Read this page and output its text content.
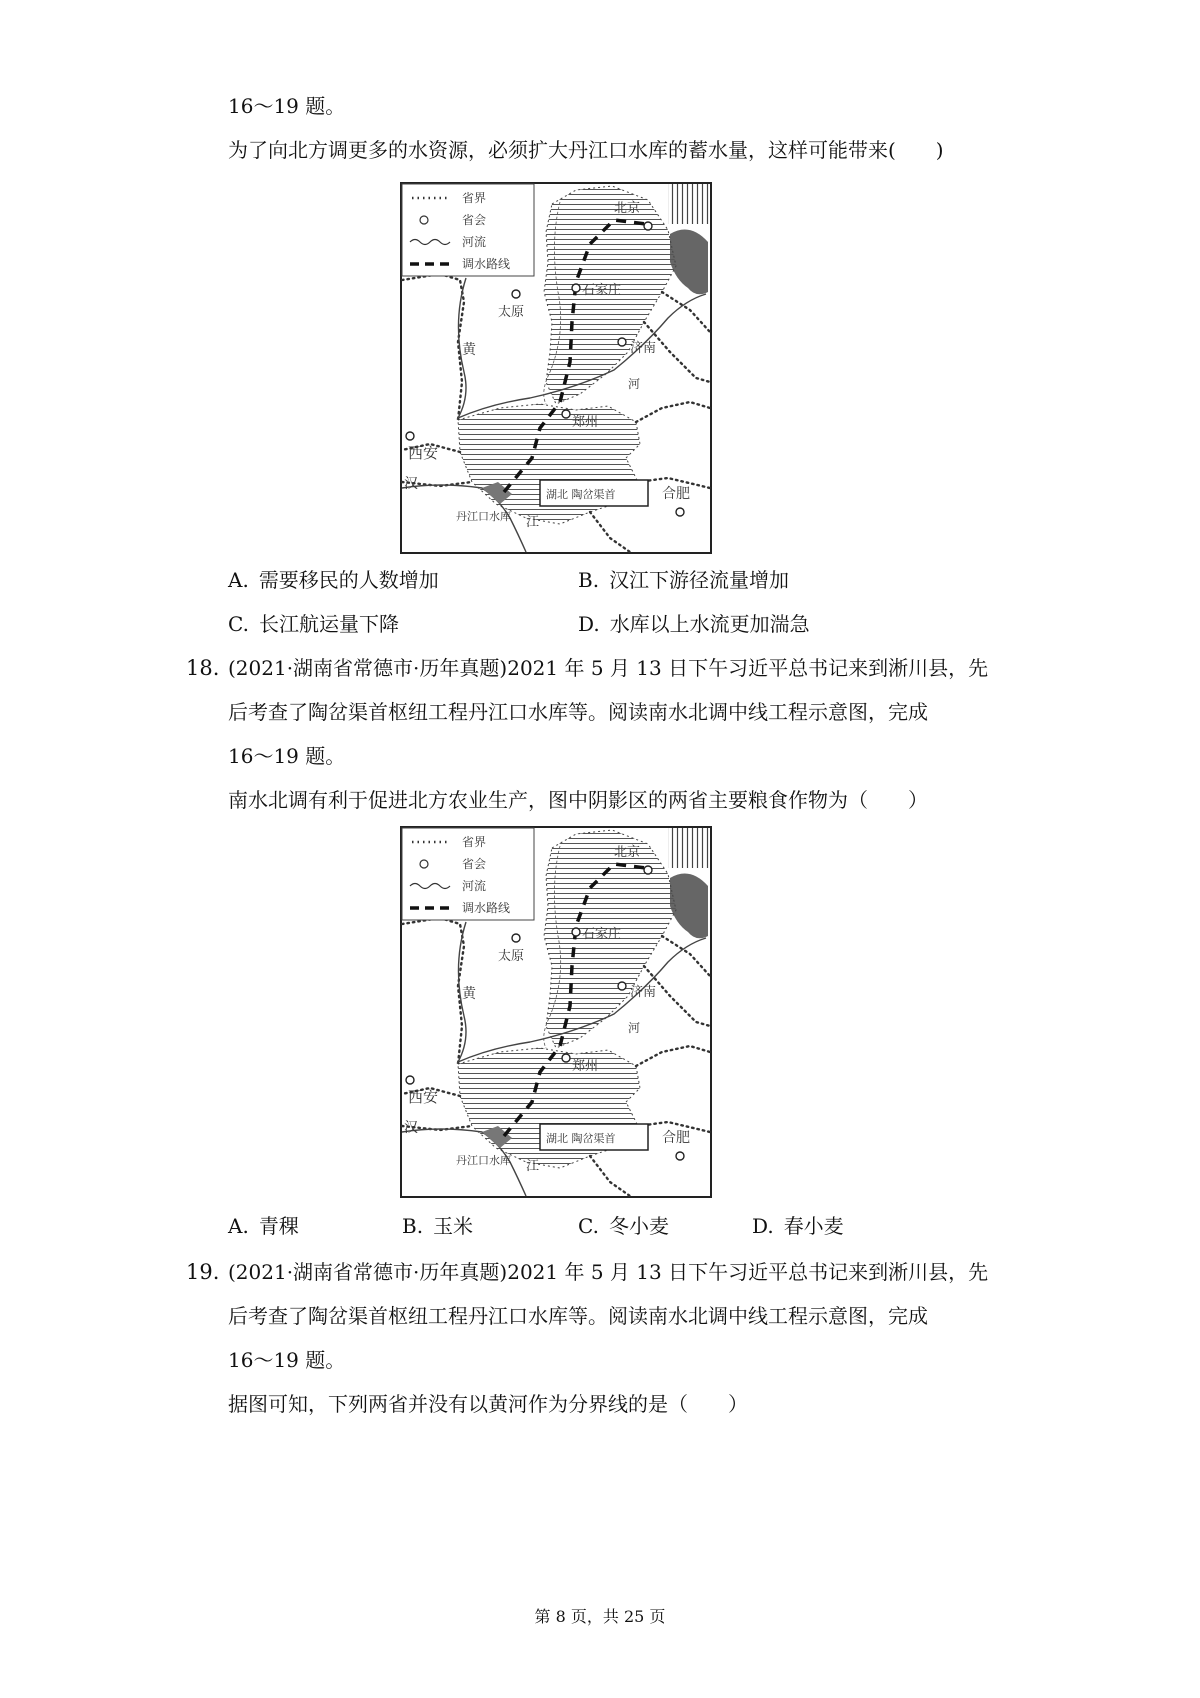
16～19 题。
为了向北方调更多的水资源，必须扩大丹江口水库的蓄水量，这样可能带来(　　)
省界
省会
河流
调水路线
北京
石家庄
太原
济南
郑州
西安
合肥
黄
河
汉
江
丹江口水库
湖北 陶岔渠首
A. 需要移民的人数增加	B. 汉江下游径流量增加
C. 长江航运量下降	D. 水库以上水流更加湍急
18. (2021·湖南省常德市·历年真题)2021 年 5 月 13 日下午习近平总书记来到淅川县，先
后考查了陶岔渠首枢纽工程丹江口水库等。阅读南水北调中线工程示意图，完成
16～19 题。
南水北调有利于促进北方农业生产，图中阴影区的两省主要粮食作物为（　　）
省界
省会
河流
调水路线
北京
石家庄
太原
济南
郑州
西安
合肥
黄
河
汉
江
丹江口水库
湖北 陶岔渠首
A. 青稞	B. 玉米	C. 冬小麦	D. 春小麦
19. (2021·湖南省常德市·历年真题)2021 年 5 月 13 日下午习近平总书记来到淅川县，先
后考查了陶岔渠首枢纽工程丹江口水库等。阅读南水北调中线工程示意图，完成
16～19 题。
据图可知，下列两省并没有以黄河作为分界线的是（　　）
第 8 页，共 25 页
